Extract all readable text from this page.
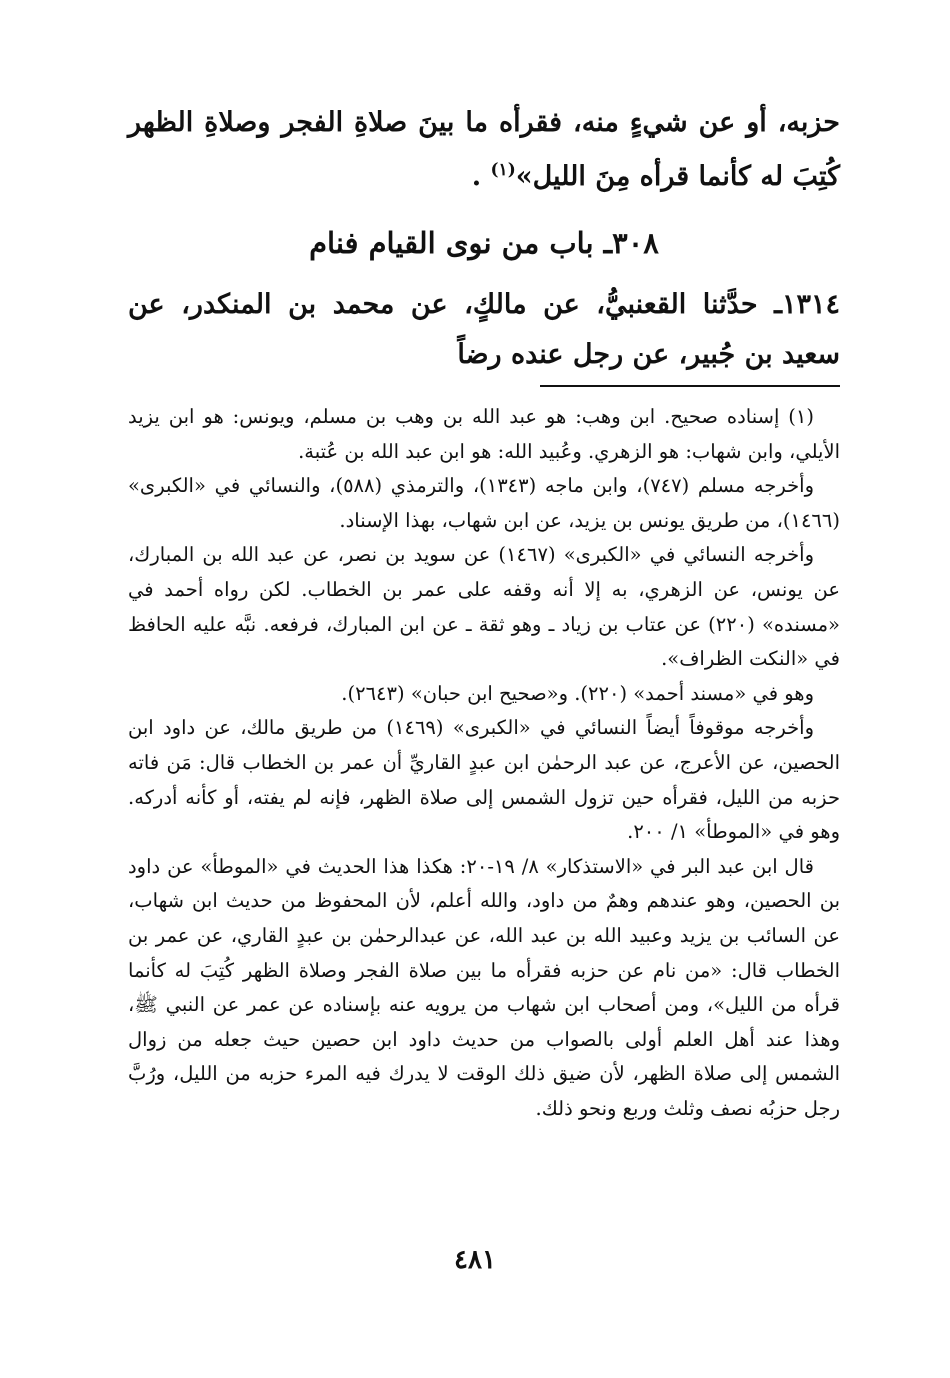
حزبه، أو عن شيءٍ منه، فقرأه ما بينَ صلاةِ الفجر وصلاةِ الظهر كُتِبَ له كأنما قرأه مِنَ الليل»$^{(١)}$ .
٣٠٨ـ باب من نوى القيام فنام
١٣١٤ـ حدَّثنا القعنبيُّ، عن مالكٍ، عن محمد بن المنكدر، عن سعيد بن جُبير، عن رجل عنده رضاً

(١) إسناده صحيح. ابن وهب: هو عبد الله بن وهب بن مسلم، ويونس: هو ابن يزيد الأيلي، وابن شهاب: هو الزهري. وعُبيد الله: هو ابن عبد الله بن عُتبة.

وأخرجه مسلم (٧٤٧)، وابن ماجه (١٣٤٣)، والترمذي (٥٨٨)، والنسائي في «الكبرى» (١٤٦٦)، من طريق يونس بن يزيد، عن ابن شهاب، بهذا الإسناد.

وأخرجه النسائي في «الكبرى» (١٤٦٧) عن سويد بن نصر، عن عبد الله بن المبارك، عن يونس، عن الزهري، به إلا أنه وقفه على عمر بن الخطاب. لكن رواه أحمد في «مسنده» (٢٢٠) عن عتاب بن زياد ـ وهو ثقة ـ عن ابن المبارك، فرفعه. نبَّه عليه الحافظ في «النكت الظراف».

وهو في «مسند أحمد» (٢٢٠). و«صحيح ابن حبان» (٢٦٤٣).

وأخرجه موقوفاً أيضاً النسائي في «الكبرى» (١٤٦٩) من طريق مالك، عن داود ابن الحصين، عن الأعرج، عن عبد الرحمٰن ابن عبدٍ القاريِّ أن عمر بن الخطاب قال: مَن فاته حزبه من الليل، فقرأه حين تزول الشمس إلى صلاة الظهر، فإنه لم يفته، أو كأنه أدركه. وهو في «الموطأ» ١/ ٢٠٠.

قال ابن عبد البر في «الاستذكار» ٨/ ١٩-٢٠: هكذا هذا الحديث في «الموطأ» عن داود بن الحصين، وهو عندهم وهمٌ من داود، والله أعلم، لأن المحفوظ من حديث ابن شهاب، عن السائب بن يزيد وعبيد الله بن عبد الله، عن عبدالرحمٰن بن عبدٍ القاري، عن عمر بن الخطاب قال: «من نام عن حزبه فقرأه ما بين صلاة الفجر وصلاة الظهر كُتِبَ له كأنما قرأه من الليل»، ومن أصحاب ابن شهاب من يرويه عنه بإسناده عن عمر عن النبي ﷺ، وهذا عند أهل العلم أولى بالصواب من حديث داود ابن حصين حيث جعله من زوال الشمس إلى صلاة الظهر، لأن ضيق ذلك الوقت لا يدرك فيه المرء حزبه من الليل، ورُبَّ رجل حزبُه نصف وثلث وربع ونحو ذلك.

٤٨١
